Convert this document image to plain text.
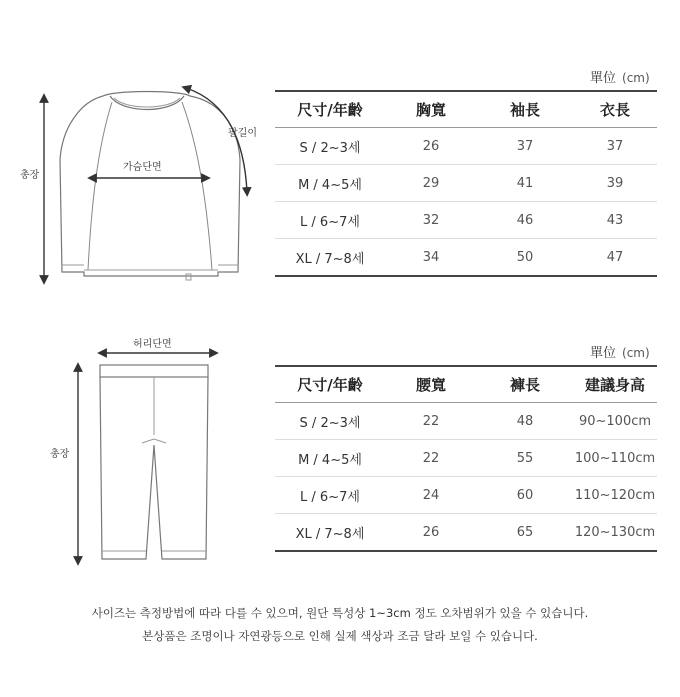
총장
가슴단면
팔길이
單位 (cm)
尺寸/年齡	胸寬	袖長	衣長
S / 2~3세	26	37	37
M / 4~5세	29	41	39
L / 6~7세	32	46	43
XL / 7~8세	34	50	47
허리단면
총장
單位 (cm)
尺寸/年齡	腰寬	褲長	建議身高
S / 2~3세	22	48	90~100cm
M / 4~5세	22	55	100~110cm
L / 6~7세	24	60	110~120cm
XL / 7~8세	26	65	120~130cm
사이즈는 측정방법에 따라 다를 수 있으며, 원단 특성상 1~3cm 정도 오차범위가 있을 수 있습니다.
본상품은 조명이나 자연광등으로 인해 실제 색상과 조금 달라 보일 수 있습니다.
